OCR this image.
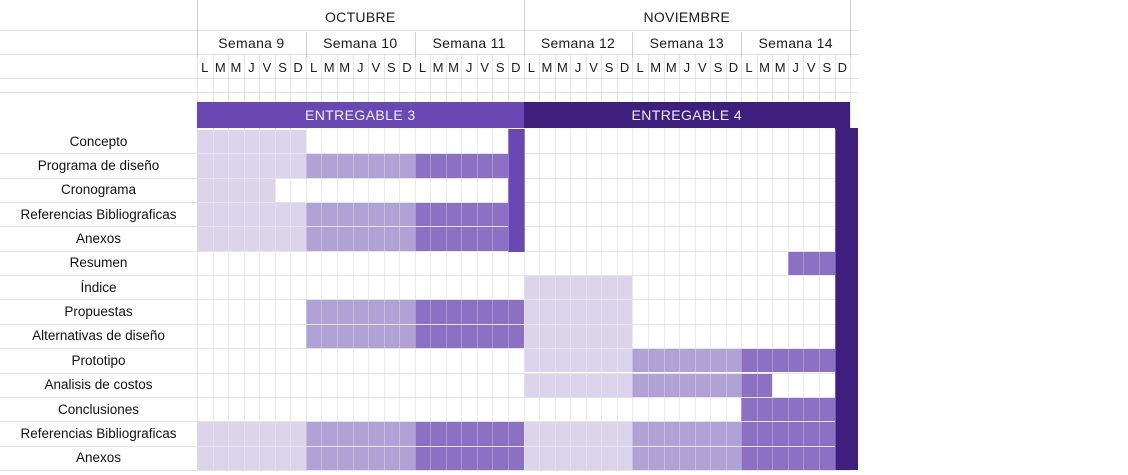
OCTUBRE	NOVIEMBRE
Semana 9	Semana 10	Semana 11	Semana 12	Semana 13	Semana 14
L M M J V S D L M M J V S D L M M J V S D L M M J V S D L M M J V S D L M M J V S D
ENTREGABLE 3	ENTREGABLE 4
Concepto
Programa de diseño
Cronograma
Referencias Bibliograficas
Anexos
Resumen
Índice
Propuestas
Alternativas de diseño
Prototipo
Analisis de costos
Conclusiones
Referencias Bibliograficas
Anexos
